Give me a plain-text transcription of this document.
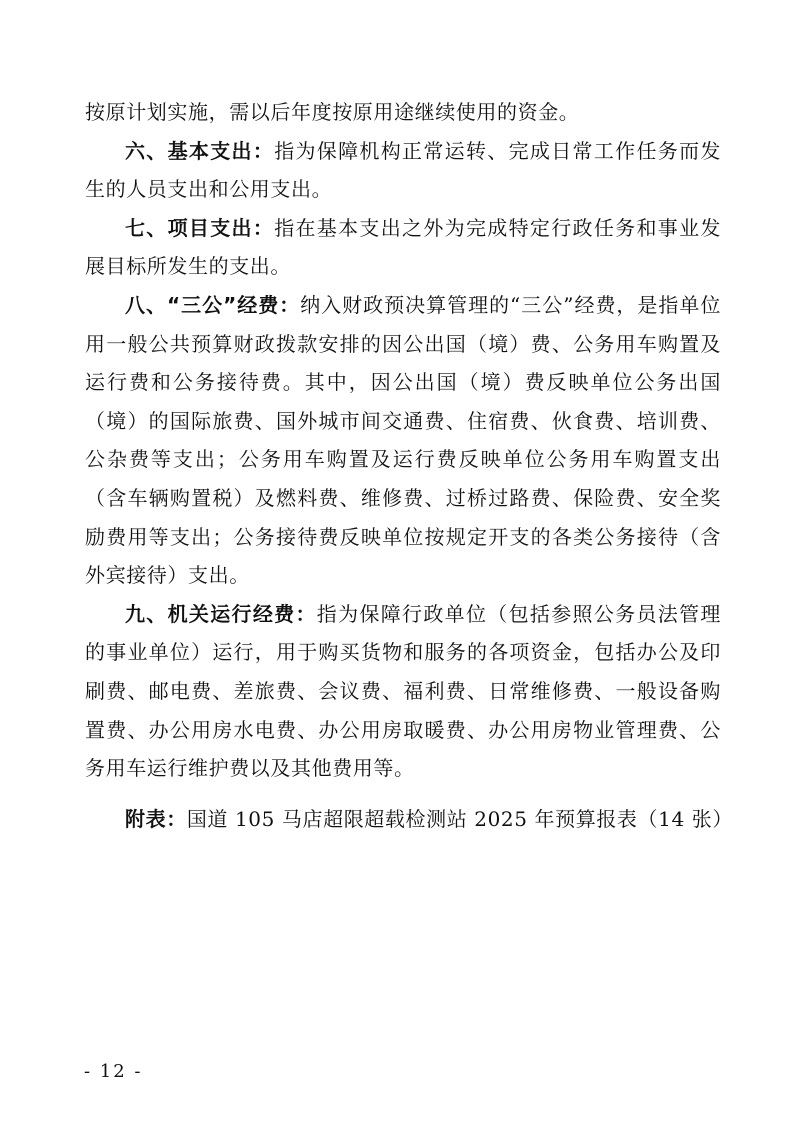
按原计划实施，需以后年度按原用途继续使用的资金。

六、基本支出：指为保障机构正常运转、完成日常工作任务而发生的人员支出和公用支出。

七、项目支出：指在基本支出之外为完成特定行政任务和事业发展目标所发生的支出。

八、“三公”经费：纳入财政预决算管理的“三公”经费，是指单位用一般公共预算财政拨款安排的因公出国（境）费、公务用车购置及运行费和公务接待费。其中，因公出国（境）费反映单位公务出国（境）的国际旅费、国外城市间交通费、住宿费、伙食费、培训费、公杂费等支出；公务用车购置及运行费反映单位公务用车购置支出（含车辆购置税）及燃料费、维修费、过桥过路费、保险费、安全奖励费用等支出；公务接待费反映单位按规定开支的各类公务接待（含外宾接待）支出。

九、机关运行经费：指为保障行政单位（包括参照公务员法管理的事业单位）运行，用于购买货物和服务的各项资金，包括办公及印刷费、邮电费、差旅费、会议费、福利费、日常维修费、一般设备购置费、办公用房水电费、办公用房取暖费、办公用房物业管理费、公务用车运行维护费以及其他费用等。

附表：国道 105 马店超限超载检测站 2025 年预算报表（14 张）
- 12 -
